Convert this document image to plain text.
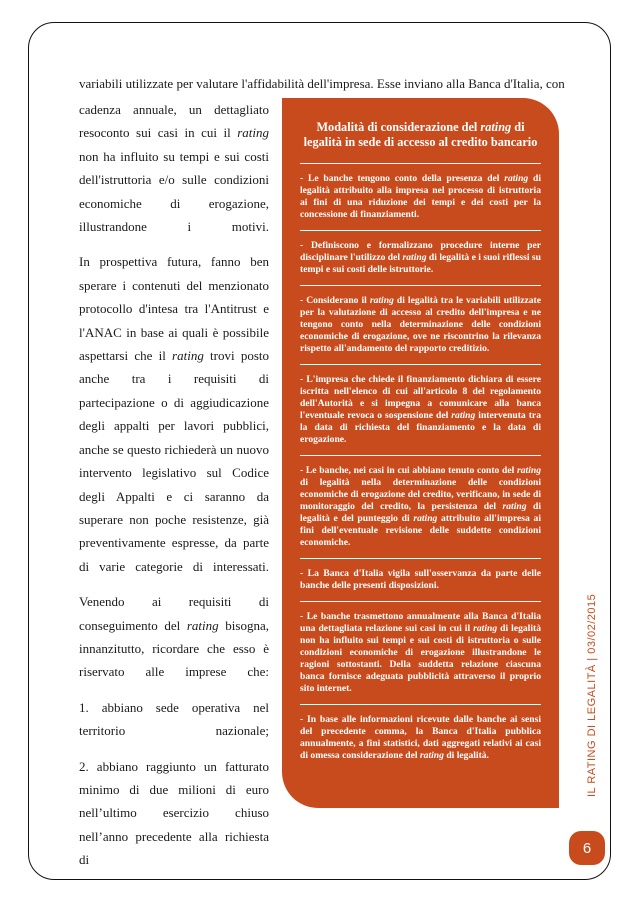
variabili utilizzate per valutare l'affidabilità dell'impresa. Esse inviano alla Banca d'Italia, con

cadenza annuale, un dettagliato resoconto sui casi in cui il rating non ha influito su tempi e sui costi dell'istruttoria e/o sulle condizioni economiche di erogazione, illustrandone i motivi.

In prospettiva futura, fanno ben sperare i contenuti del menzionato protocollo d'intesa tra l'Antitrust e l'ANAC in base ai quali è possibile aspettarsi che il rating trovi posto anche tra i requisiti di partecipazione o di aggiudicazione degli appalti per lavori pubblici, anche se questo richiederà un nuovo intervento legislativo sul Codice degli Appalti e ci saranno da superare non poche resistenze, già preventivamente espresse, da parte di varie categorie di interessati.

Venendo ai requisiti di conseguimento del rating bisogna, innanzitutto, ricordare che esso è riservato alle imprese che:

1. abbiano sede operativa nel territorio nazionale;

2. abbiano raggiunto un fatturato minimo di due milioni di euro nell’ultimo esercizio chiuso nell’anno precedente alla richiesta di

Modalità di considerazione del rating di legalità in sede di accesso al credito bancario

- Le banche tengono conto della presenza del rating di legalità attribuito alla impresa nel processo di istruttoria ai fini di una riduzione dei tempi e dei costi per la concessione di finanziamenti.

- Definiscono e formalizzano procedure interne per disciplinare l'utilizzo del rating di legalità e i suoi riflessi su tempi e sui costi delle istruttorie.

- Considerano il rating di legalità tra le variabili utilizzate per la valutazione di accesso al credito dell'impresa e ne tengono conto nella determinazione delle condizioni economiche di erogazione, ove ne riscontrino la rilevanza rispetto all'andamento del rapporto creditizio.

- L'impresa che chiede il finanziamento dichiara di essere iscritta nell'elenco di cui all'articolo 8 del regolamento dell'Autorità e si impegna a comunicare alla banca l'eventuale revoca o sospensione del rating intervenuta tra la data di richiesta del finanziamento e la data di erogazione.

- Le banche, nei casi in cui abbiano tenuto conto del rating di legalità nella determinazione delle condizioni economiche di erogazione del credito, verificano, in sede di monitoraggio del credito, la persistenza del rating di legalità e del punteggio di rating attribuito all'impresa ai fini dell'eventuale revisione delle suddette condizioni economiche.

- La Banca d'Italia vigila sull'osservanza da parte delle banche delle presenti disposizioni.

- Le banche trasmettono annualmente alla Banca d'Italia una dettagliata relazione sui casi in cui il rating di legalità non ha influito sui tempi e sui costi di istruttoria o sulle condizioni economiche di erogazione illustrandone le ragioni sottostanti. Della suddetta relazione ciascuna banca fornisce adeguata pubblicità attraverso il proprio sito internet.

- In base alle informazioni ricevute dalle banche ai sensi del precedente comma, la Banca d'Italia pubblica annualmente, a fini statistici, dati aggregati relativi ai casi di omessa considerazione del rating di legalità.	IL RATING DI LEGALITÀ | 03/02/2015
6
